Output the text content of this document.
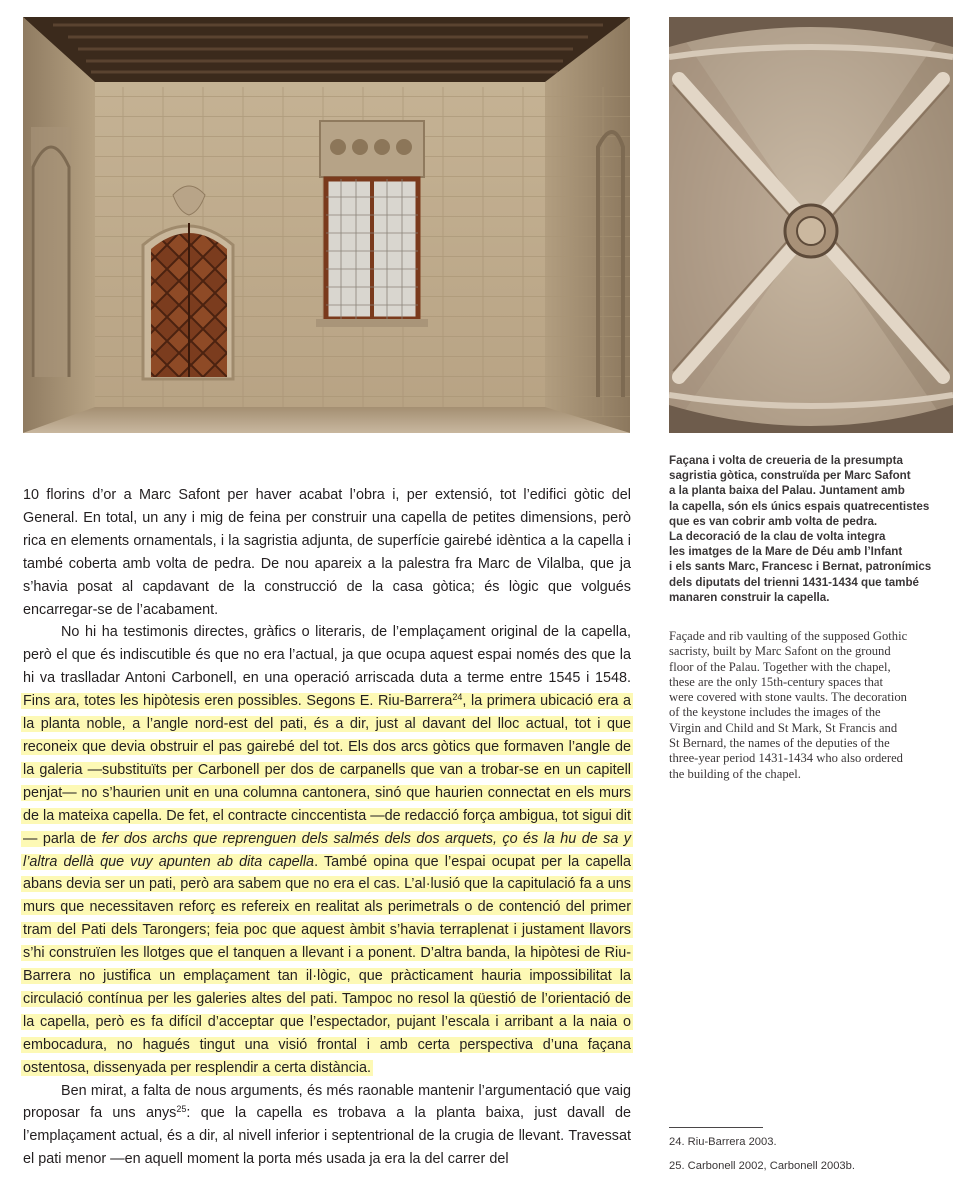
Façana i volta de creueria de la presumpta

sagristia gòtica, construïda per Marc Safont

a la planta baixa del Palau. Juntament amb

la capella, són els únics espais quatrecentistes

que es van cobrir amb volta de pedra.

La decoració de la clau de volta integra

les imatges de la Mare de Déu amb l’Infant

i els sants Marc, Francesc i Bernat, patronímics

dels diputats del trienni 1431-1434 que també

manaren construir la capella.

Façade and rib vaulting of the supposed Gothic

sacristy, built by Marc Safont on the ground

floor of the Palau. Together with the chapel,

these are the only 15th-century spaces that

were covered with stone vaults. The decoration

of the keystone includes the images of the

Virgin and Child and St Mark, St Francis and

St Bernard, the names of the deputies of the

three-year period 1431-1434 who also ordered

the building of the chapel.

10 florins d’or a Marc Safont per haver acabat l’obra i, per extensió, tot l’edifici gòtic del General. En total, un any i mig de feina per construir una capella de petites dimensions, però rica en elements ornamentals, i la sagristia adjunta, de superfície gairebé idèntica a la capella i també coberta amb volta de pedra. De nou apareix a la palestra fra Marc de Vilalba, que ja s’havia posat al capdavant de la construcció de la casa gòtica; és lògic que volgués encarregar-se de l’acabament.

No hi ha testimonis directes, gràfics o literaris, de l’emplaçament original de la capella, però el que és indiscutible és que no era l’actual, ja que ocupa aquest espai només des que la hi va traslladar Antoni Carbonell, en una operació arriscada duta a terme entre 1545 i 1548. Fins ara, totes les hipòtesis eren possibles. Segons E. Riu-Barrera$^{24}$, la primera ubicació era a la planta noble, a l’angle nord-est del pati, és a dir, just al davant del lloc actual, tot i que reconeix que devia obstruir el pas gairebé del tot. Els dos arcs gòtics que formaven l’angle de la galeria —substituïts per Carbonell per dos de carpanells que van a trobar-se en un capitell penjat— no s’haurien unit en una columna cantonera, sinó que haurien connectat en els murs de la mateixa capella. De fet, el contracte cinccentista —de redacció força ambigua, tot sigui dit— parla de fer dos archs que reprenguen dels salmés dels dos arquets, ço és la hu de sa y l’altra dellà que vuy apunten ab dita capella. També opina que l’espai ocupat per la capella abans devia ser un pati, però ara sabem que no era el cas. L’al·lusió que la capitulació fa a uns murs que necessitaven reforç es refereix en realitat als perimetrals o de contenció del primer tram del Pati dels Tarongers; feia poc que aquest àmbit s’havia terraplenat i justament llavors s’hi construïen les llotges que el tanquen a llevant i a ponent. D’altra banda, la hipòtesi de Riu-Barrera no justifica un emplaçament tan il·lògic, que pràcticament hauria impossibilitat la circulació contínua per les galeries altes del pati. Tampoc no resol la qüestió de l’orientació de la capella, però es fa difícil d’acceptar que l’espectador, pujant l’escala i arribant a la naia o embocadura, no hagués tingut una visió frontal i amb certa perspectiva d’una façana ostentosa, dissenyada per resplendir a certa distància.

Ben mirat, a falta de nous arguments, és més raonable mantenir l’argumentació que vaig proposar fa uns anys$^{25}$: que la capella es trobava a la planta baixa, just davall de l’emplaçament actual, és a dir, al nivell inferior i septentrional de la crugia de llevant. Travessat el pati menor —en aquell moment la porta més usada ja era la del carrer del

24. Riu-Barrera 2003.

25. Carbonell 2002, Carbonell 2003b.
